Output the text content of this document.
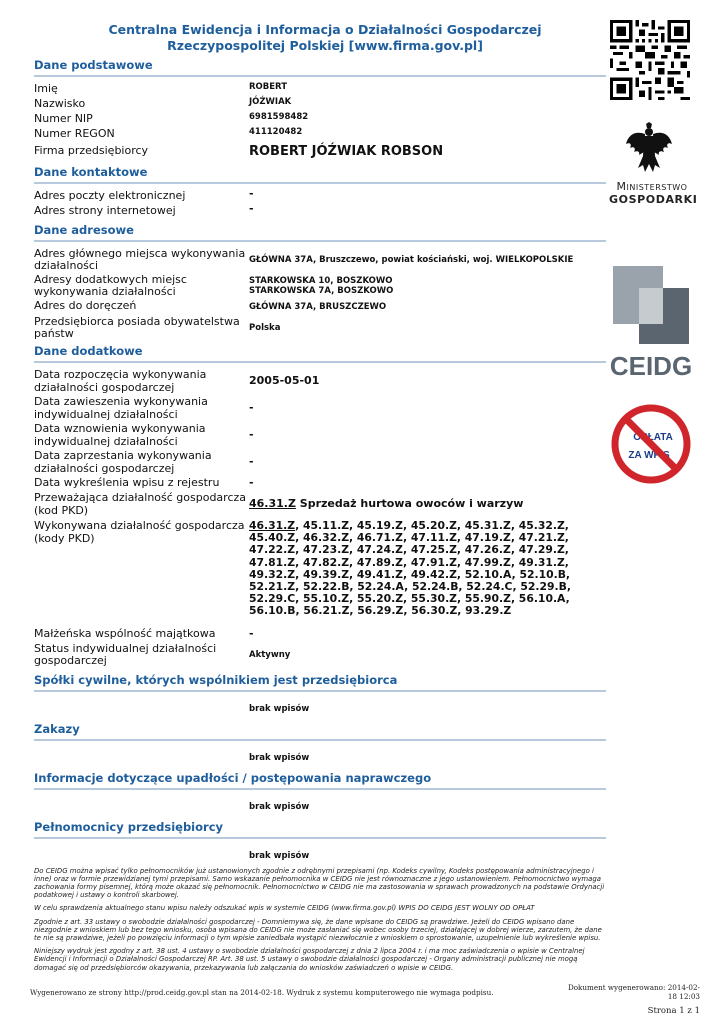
Centralna Ewidencja i Informacja o Działalności Gospodarczej
Rzeczypospolitej Polskiej [www.firma.gov.pl]
Dane podstawowe
Imię	ROBERT
Nazwisko	JÓŹWIAK
Numer NIP	6981598482
Numer REGON	411120482
Firma przedsiębiorcy	ROBERT JÓŹWIAK ROBSON
Dane kontaktowe
Adres poczty elektronicznej	-
Adres strony internetowej	-
Dane adresowe
Adres głównego miejsca wykonywania działalności	GŁÓWNA 37A, Bruszczewo, powiat kościański, woj. WIELKOPOLSKIE
Adresy dodatkowych miejsc wykonywania działalności
STARKOWSKA 10, BOSZKOWO
STARKOWSKA 7A, BOSZKOWO
Adres do doręczeń	GŁÓWNA 37A, BRUSZCZEWO
Przedsiębiorca posiada obywatelstwa państw	Polska
Dane dodatkowe
Data rozpoczęcia wykonywania działalności gospodarczej	2005-05-01
Data zawieszenia wykonywania indywidualnej działalności	-
Data wznowienia wykonywania indywidualnej działalności	-
Data zaprzestania wykonywania działalności gospodarczej	-
Data wykreślenia wpisu z rejestru	-
Przeważająca działalność gospodarcza (kod PKD)	46.31.Z Sprzedaż hurtowa owoców i warzyw
Wykonywana działalność gospodarcza (kody PKD)
46.31.Z, 45.11.Z, 45.19.Z, 45.20.Z, 45.31.Z, 45.32.Z, 45.40.Z, 46.32.Z, 46.71.Z, 47.11.Z, 47.19.Z, 47.21.Z, 47.22.Z, 47.23.Z, 47.24.Z, 47.25.Z, 47.26.Z, 47.29.Z, 47.81.Z, 47.82.Z, 47.89.Z, 47.91.Z, 47.99.Z, 49.31.Z, 49.32.Z, 49.39.Z, 49.41.Z, 49.42.Z, 52.10.A, 52.10.B, 52.21.Z, 52.22.B, 52.24.A, 52.24.B, 52.24.C, 52.29.B, 52.29.C, 55.10.Z, 55.20.Z, 55.30.Z, 55.90.Z, 56.10.A, 56.10.B, 56.21.Z, 56.29.Z, 56.30.Z, 93.29.Z
Małżeńska wspólność majątkowa	-
Status indywidualnej działalności gospodarczej	Aktywny
Spółki cywilne, których wspólnikiem jest przedsiębiorca
brak wpisów
Zakazy
brak wpisów
Informacje dotyczące upadłości / postępowania naprawczego
brak wpisów
Pełnomocnicy przedsiębiorcy
brak wpisów

Do CEIDG można wpisać tylko pełnomocników już ustanowionych zgodnie z odrębnymi przepisami (np. Kodeks cywilny, Kodeks postępowania administracyjnego i inne) oraz w formie przewidzianej tymi przepisami. Samo wskazanie pełnomocnika w CEIDG nie jest równoznaczne z jego ustanowieniem. Pełnomocnictwo wymaga zachowania formy pisemnej, którą może okazać się pełnomocnik. Pełnomocnictwo w CEIDG nie ma zastosowania w sprawach prowadzonych na podstawie Ordynacji podatkowej i ustawy o kontroli skarbowej.

W celu sprawdzenia aktualnego stanu wpisu należy odszukać wpis w systemie CEIDG (www.firma.gov.pl) WPIS DO CEIDG JEST WOLNY OD OPŁAT

Zgodnie z art. 33 ustawy o swobodzie działalności gospodarczej - Domniemywa się, że dane wpisane do CEIDG są prawdziwe. Jeżeli do CEIDG wpisano dane niezgodnie z wnioskiem lub bez tego wniosku, osoba wpisana do CEIDG nie może zasłaniać się wobec osoby trzeciej, działającej w dobrej wierze, zarzutem, że dane te nie są prawdziwe, jeżeli po powzięciu informacji o tym wpisie zaniedbała wystąpić niezwłocznie z wnioskiem o sprostowanie, uzupełnienie lub wykreślenie wpisu.

Niniejszy wydruk jest zgodny z art. 38 ust. 4 ustawy o swobodzie działalności gospodarczej z dnia 2 lipca 2004 r. i ma moc zaświadczenia o wpisie w Centralnej Ewidencji i Informacji o Działalności Gospodarczej RP. Art. 38 ust. 5 ustawy o swobodzie działalności gospodarczej - Organy administracji publicznej nie mogą domagać się od przedsiębiorców okazywania, przekazywania lub załączania do wniosków zaświadczeń o wpisie w CEIDG.

Ministerstwo
GOSPODARKI
CEIDG
OPŁATA
ZA WPIS
Wygenerowano ze strony http://prod.ceidg.gov.pl stan na 2014-02-18. Wydruk z systemu komputerowego nie wymaga podpisu.
Dokument wygenerowano: 2014-02-18 12:03
Strona 1 z 1
